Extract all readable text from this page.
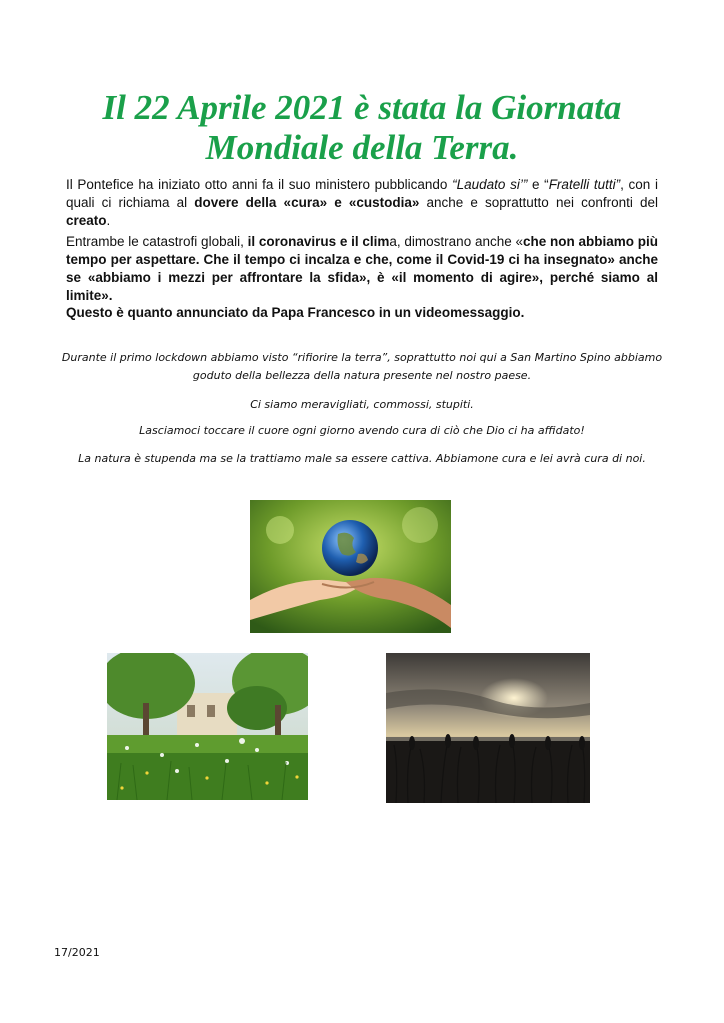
Il 22 Aprile 2021 è stata la Giornata
Mondiale della Terra.

Il Pontefice ha iniziato otto anni fa il suo ministero pubblicando “Laudato si’” e “Fratelli tutti”, con i quali ci richiama al dovere della «cura» e «custodia» anche e soprattutto nei confronti del creato.

Entrambe le catastrofi globali, il coronavirus e il clima, dimostrano anche «che non abbiamo più tempo per aspettare. Che il tempo ci incalza e che, come il Covid-19 ci ha insegnato» anche se «abbiamo i mezzi per affrontare la sfida», è «il momento di agire», perché siamo al limite».

Questo è quanto annunciato da Papa Francesco in un videomessaggio.

Durante il primo lockdown abbiamo visto “rifiorire la terra”, soprattutto noi qui a San Martino Spino abbiamo
goduto della bellezza della natura presente nel nostro paese.

Ci siamo meravigliati, commossi, stupiti.

Lasciamoci toccare il cuore ogni giorno avendo cura di ciò che Dio ci ha affidato!

La natura è stupenda ma se la trattiamo male sa essere cattiva. Abbiamone cura e lei avrà cura di noi.

17/2021
